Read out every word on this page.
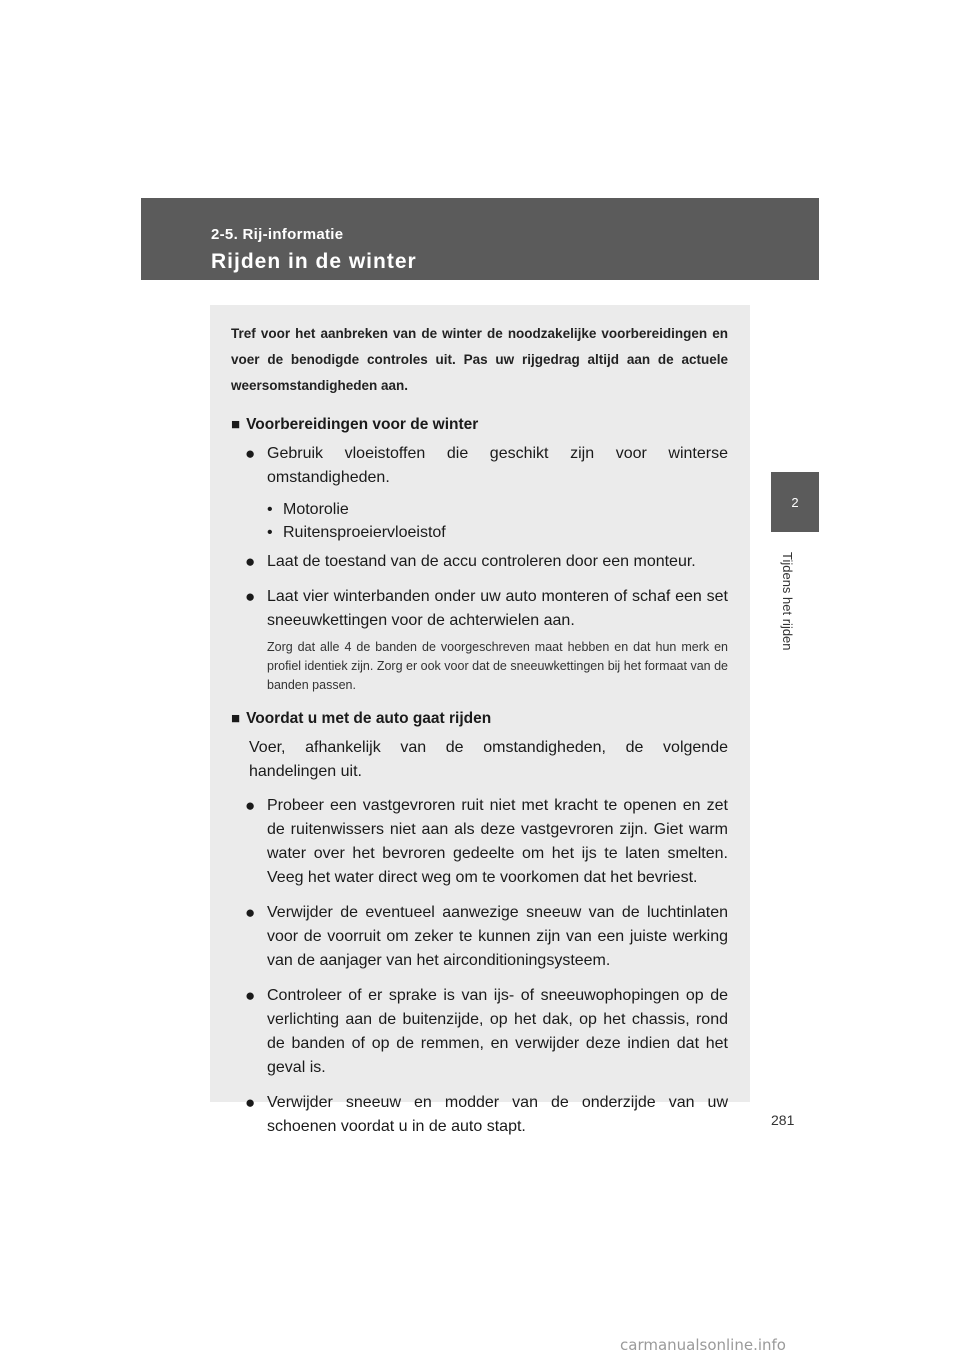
2-5. Rij-informatie
Rijden in de winter
2
Tijdens het rijden

Tref voor het aanbreken van de winter de noodzakelijke voorbereidingen en voer de benodigde controles uit. Pas uw rijgedrag altijd aan de actuele weersomstandigheden aan.

■ Voorbereidingen voor de winter
● Gebruik vloeistoffen die geschikt zijn voor winterse omstandigheden.
• Motorolie
• Ruitensproeiervloeistof
● Laat de toestand van de accu controleren door een monteur.
● Laat vier winterbanden onder uw auto monteren of schaf een set sneeuwkettingen voor de achterwielen aan.

Zorg dat alle 4 de banden de voorgeschreven maat hebben en dat hun merk en profiel identiek zijn. Zorg er ook voor dat de sneeuwkettingen bij het formaat van de banden passen.

■ Voordat u met de auto gaat rijden

Voer, afhankelijk van de omstandigheden, de volgende handelingen uit.

● Probeer een vastgevroren ruit niet met kracht te openen en zet de ruitenwissers niet aan als deze vastgevroren zijn. Giet warm water over het bevroren gedeelte om het ijs te laten smelten. Veeg het water direct weg om te voorkomen dat het bevriest.
● Verwijder de eventueel aanwezige sneeuw van de luchtinlaten voor de voorruit om zeker te kunnen zijn van een juiste werking van de aanjager van het airconditioningsysteem.
● Controleer of er sprake is van ijs- of sneeuwophopingen op de verlichting aan de buitenzijde, op het dak, op het chassis, rond de banden of op de remmen, en verwijder deze indien dat het geval is.
● Verwijder sneeuw en modder van de onderzijde van uw schoenen voordat u in de auto stapt.	281
carmanualsonline.info
